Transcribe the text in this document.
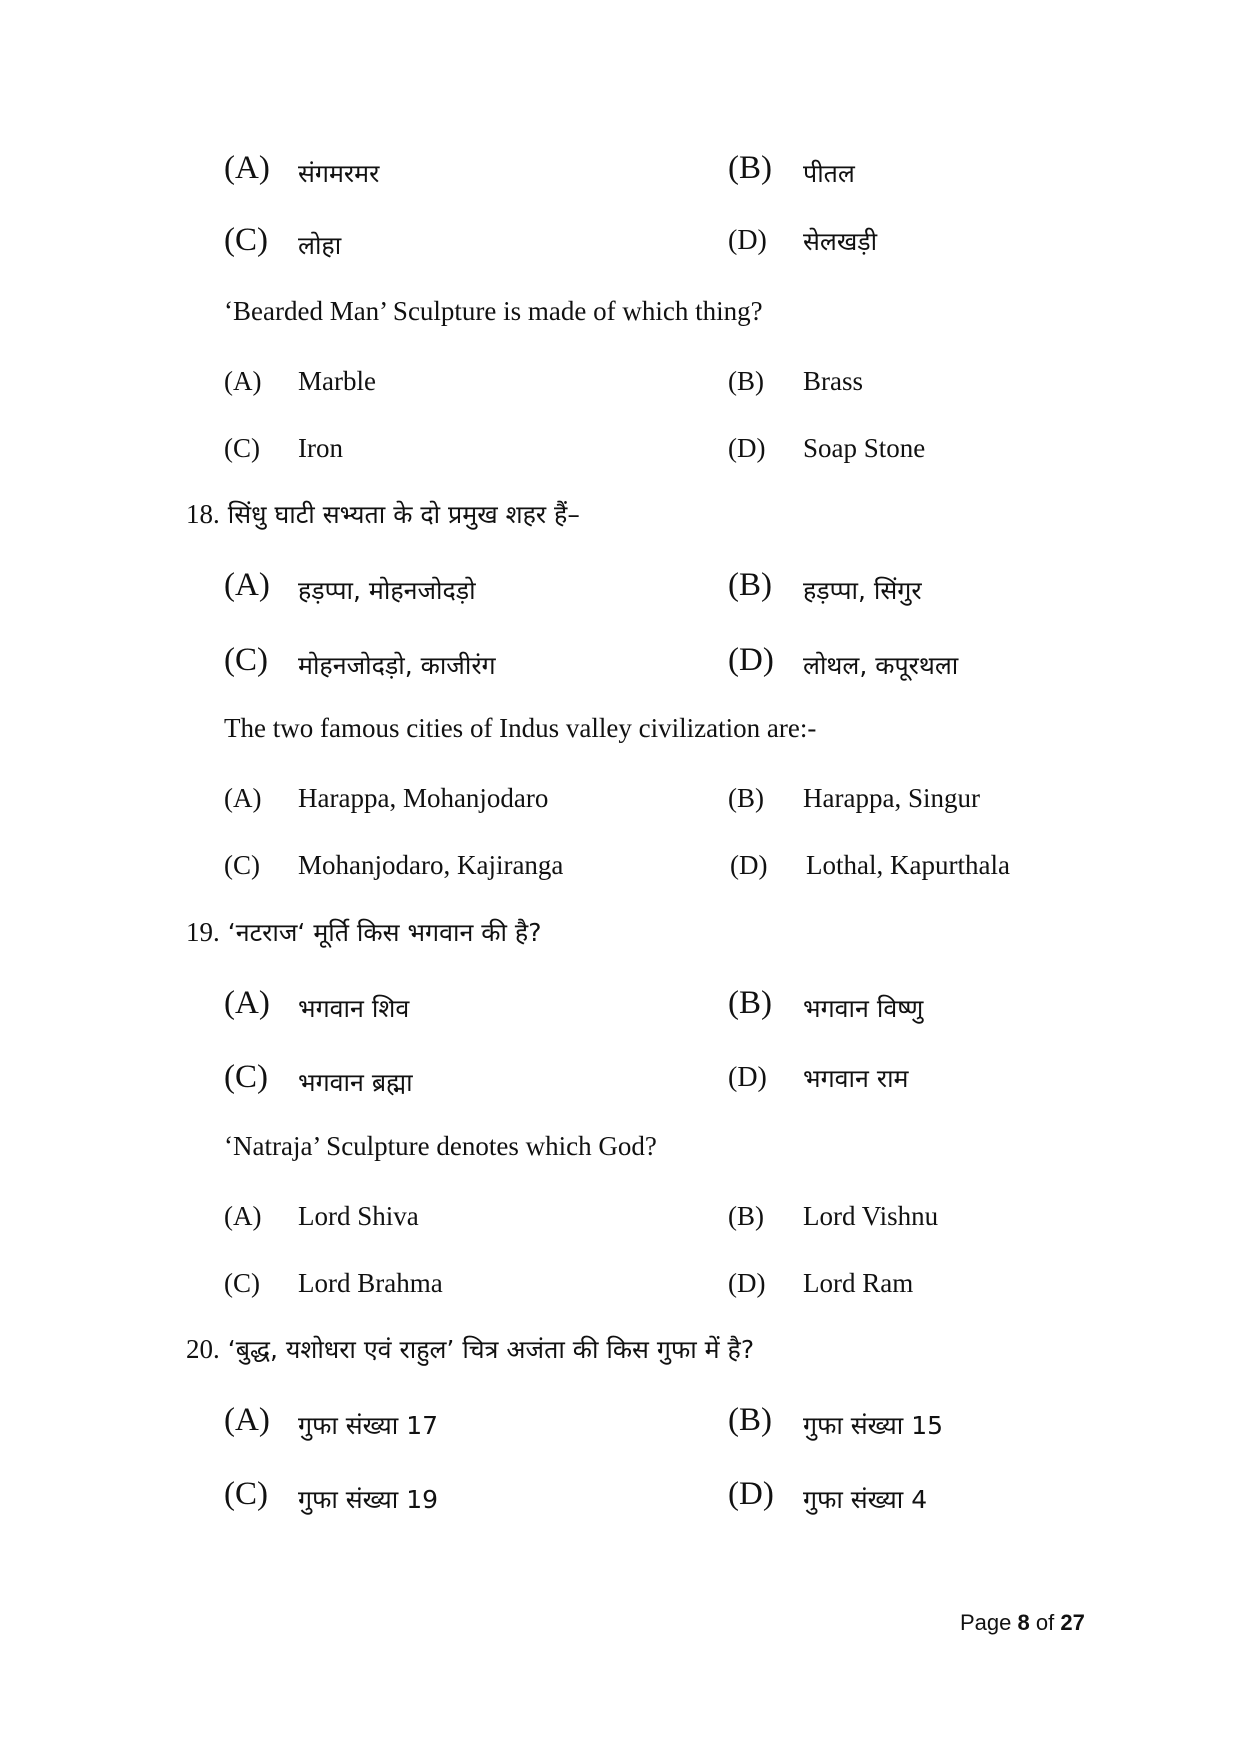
(A) संगमरमर	(B) पीतल
(C) लोहा	(D) सेलखड़ी
‘Bearded Man’ Sculpture is made of which thing?
(A) Marble	(B) Brass
(C) Iron	(D) Soap Stone
18. सिंधु घाटी सभ्यता के दो प्रमुख शहर हैं–
(A) हड़प्पा, मोहनजोदड़ो	(B) हड़प्पा, सिंगुर
(C) मोहनजोदड़ो, काजीरंग	(D) लोथल, कपूरथला
The two famous cities of Indus valley civilization are:-
(A) Harappa, Mohanjodaro	(B) Harappa, Singur
(C) Mohanjodaro, Kajiranga	(D) Lothal, Kapurthala
19. ‘नटराज‘ मूर्ति किस भगवान की है?
(A) भगवान शिव	(B) भगवान विष्णु
(C) भगवान ब्रह्मा	(D) भगवान राम
‘Natraja’ Sculpture denotes which God?
(A) Lord Shiva	(B) Lord Vishnu
(C) Lord Brahma	(D) Lord Ram
20. ‘बुद्ध, यशोधरा एवं राहुल’ चित्र अजंता की किस गुफा में है?
(A) गुफा संख्या 17	(B) गुफा संख्या 15
(C) गुफा संख्या 19	(D) गुफा संख्या 4
Page 8 of 27
